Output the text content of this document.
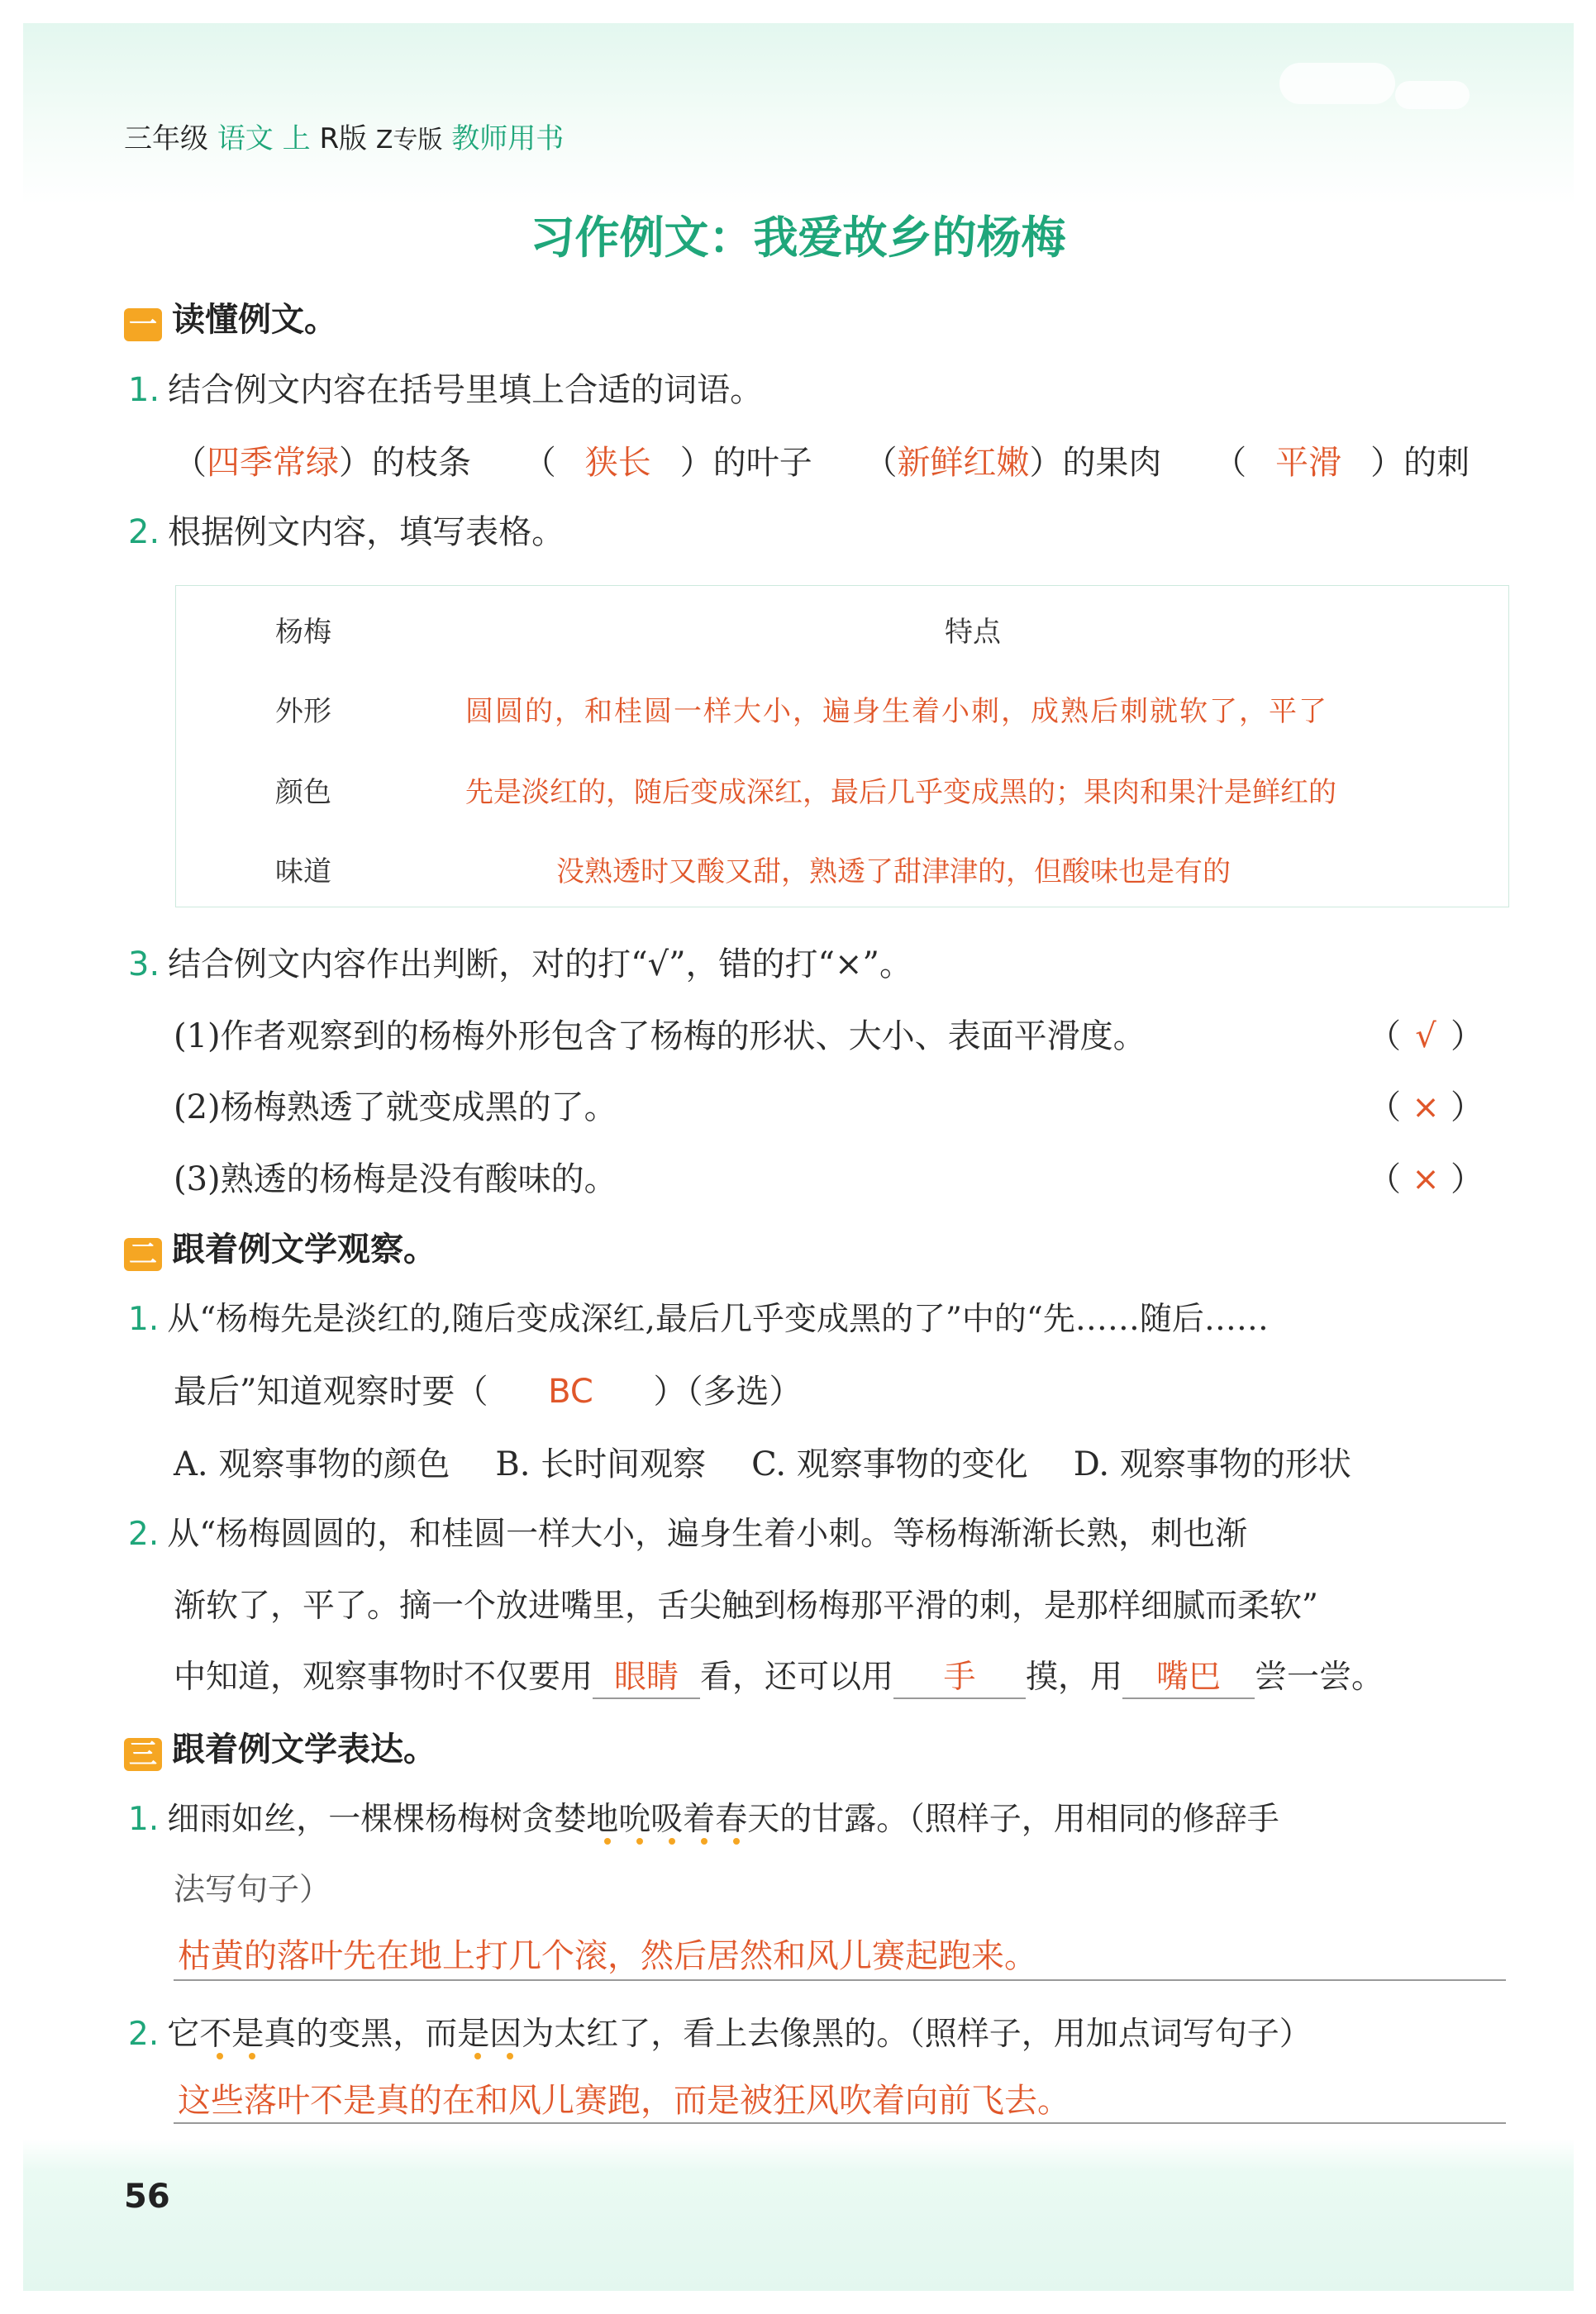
三年级 语文 上 R版 Z专版 教师用书
习作例文：我爱故乡的杨梅
一 读懂例文。
1. 结合例文内容在括号里填上合适的词语。
（四季常绿）的枝条 （ 狭长 ）的叶子 （新鲜红嫩）的果肉 （ 平滑 ）的刺
2. 根据例文内容，填写表格。
杨梅	特点
外形	圆圆的，和桂圆一样大小，遍身生着小刺，成熟后刺就软了，平了
颜色	先是淡红的，随后变成深红，最后几乎变成黑的；果肉和果汁是鲜红的
味道	没熟透时又酸又甜，熟透了甜津津的，但酸味也是有的
3. 结合例文内容作出判断，对的打“√”，错的打“×”。
(1)作者观察到的杨梅外形包含了杨梅的形状、大小、表面平滑度。	（ √ ）
(2)杨梅熟透了就变成黑的了。	（ × ）
(3)熟透的杨梅是没有酸味的。	（ × ）
二 跟着例文学观察。
1. 从“杨梅先是淡红的,随后变成深红,最后几乎变成黑的了”中的“先……随后……
最后”知道观察时要（ BC ）（多选）
A. 观察事物的颜色 B. 长时间观察 C. 观察事物的变化 D. 观察事物的形状
2. 从“杨梅圆圆的，和桂圆一样大小，遍身生着小刺。等杨梅渐渐长熟，刺也渐
渐软了，平了。摘一个放进嘴里，舌尖触到杨梅那平滑的刺，是那样细腻而柔软”
中知道，观察事物时不仅要用 眼睛 看，还可以用 手 摸，用 嘴巴 尝一尝。
三 跟着例文学表达。
1. 细雨如丝，一棵棵杨梅树贪婪地吮吸着春天的甘露。（照样子，用相同的修辞手
法写句子）
枯黄的落叶先在地上打几个滚，然后居然和风儿赛起跑来。
2. 它不是真的变黑，而是因为太红了，看上去像黑的。（照样子，用加点词写句子）
这些落叶不是真的在和风儿赛跑，而是被狂风吹着向前飞去。
56
